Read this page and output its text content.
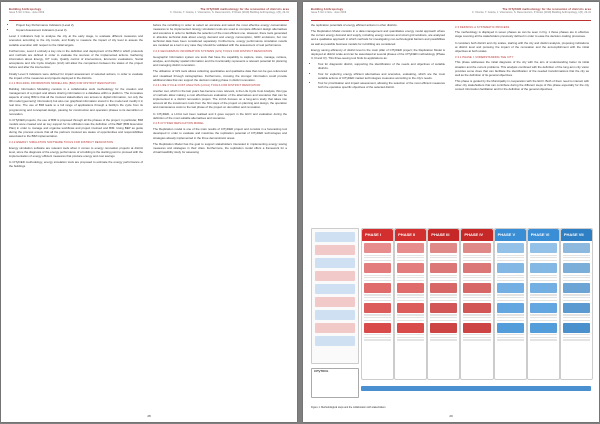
Building Anthropology
Issue 5 Vol 1 Now - June 2019
The CITyFiED methodology for the renovation of districts area
F. Vicente, T. Gracia, J. Vicenteiros, S. Resurrección, P. Rossi (2019) Building Anthropology, 1(5), 23-31
• Project Key Performance Indicators (Level 2),
• Impact Assessment Indicators (Level 3).

Level 1 indicators help to analyse the city at the early stage, to evaluate different measures and scenarios according to the city trends, and finally to measure the impact of city level to assess the suitable execution with respect to the initial targets.

Furthermore, Level 2 embody a key role in the definition and deployment of the BIM in which protocols and methods are defined in order to evaluate the success of the implemented actions. Gathering information about Energy, ICT tools, Quality control of interventions, Economic evaluations, Social acceptance and Life Cycle Analysis (LCA) will allow the comparison between the status of the project before and after the intervention.

Finally Level 3 indicators were defined for impact assessment of selected actions, in order to evaluate the impact of the measures and projects deployed in the districts.

3.2.1 BUILDING INFORMATION MODELLING (BIM) FOR DISTRICT RENOVATION

Building Information Modelling consists in a collaborative work methodology for the creation and management of a project and allows sharing information in a database within a platform. The innovative aspects of using BIM is that all the involved stakeholders can access to digital information, not only the 3D model (geometry) information) but also non graphical information stored in the model and modify it in real time. The use of BIM leads to a full range of applications through a facility's life cycle from its programming and conceptual design, passing for construction and operation phases to its demolition or renovation.

In CITyFiED projects, the use of BIM is proposed through all the phases of the project; in particular, BIM models were created and an key support for its utilization was the definition of the BEP (BIM Execution Plan) in order to manage and organise workflows and project involved and BIM. Using BEP as guide during the process ensure that all the partners involved are aware of opportunities and responsibilities associated to the BIM implementation.

3.2.2 ENERGY SIMULATION SOFTWARE TOOLS FOR DISTRICT RENOVATION

Energy simulation software are relevant tools when it comes to energy renovation projects at district level, since the diagnosis of the energy performance of a building is the starting point to proceed with the implementation of energy efficient measures that produce energy and cost savings.

In CITyFiED methodology, energy simulation tools are proposed to estimate the energy performance of the buildings

before the retrofitting in order to select an accurate and select the most effective energy conservation measures to be implemented. Energy simulation tools are used to compare different design alternatives and scenarios in order to facilitate the selection of the most efficient one. However, there tools generated in absolute technical data about energy demand and energy consumption, GDD emissions, but non technical data have been considered separately. Furthermore, energy performance simulation results are modeled as a tool in any case they should be validated with the assessment of real performance.

3.2.3 GEOGRAPHIC INFORMATION SYSTEMS (GIS) TOOLS FOR DISTRICT RENOVATION

Geographic Information system are tools that have the capability to capture, store, manage, retrieve, analyse, and display spatial information and the functionality represents a relevant potential for planning and managing district renovation.

The utilisation of GIS tools allows collecting quantitative and qualitative data that can be geo-referenced and visualised through cartographies. Furthermore, crossing the stronger information could provide additional data that can support the decision making phase in district renovation.

3.2.4 LIFE CYCLE COST ANALYSIS (LCCA) TOOLS FOR DISTRICT RENOVATION

Another tool, which in the last years has become more relevant, is the Life Cycle Cost Analysis, this type of methods allow making a cost effectiveness evaluation of the alternatives and scenarios that can be implemented in a district renovation project. The LCCA focuses on a long-term study that takes into account all the investment costs from the first steps of the project on planning and design, the operation and maintenance costs to the last phase of the project on demolition and renovation.

In CITyFiED, a LCCA tool been realised and it gave support in the ECO and evaluation during the definition of the most suitable alternatives and scenarios.

3.2.5 CITYFIED REPLICATION MODEL

The Replication model is one of the main results of CITyFiED project and consists in a forecasting tool developed in order to evaluate and maximise the replication potential of CITyFiED technologies and strategies already implemented in the three demonstrator areas.

The Replication Model has the goal to support stakeholders interested in implementing energy saving measures and strategies in their cities. Furthermore, the replication model offers a framework for a virtual feasibility study for assessing

28
Building Anthropology
Issue 5 Vol 1 Now - June 2019
The CITyFiED methodology for the renovation of districts area
F. Vicente, T. Gracia, J. Vicenteiros, S. Resurrección, P. Rossi (2019) Building Anthropology, 1(5), 23-31

the replication potentials of energy efficient actions in other districts.

The Replication Model consists in a data management and quantitative energy model approach where the current energy demand and supply, including energy sources and smart grid solutions, are analysed and a qualitative approach in which methods for investigating non-technological barriers and possibilities as well as possible business models for retrofitting are considered.

Energy saving efficiency of district level is the main pillar of CITyFiED project; the Replication Model is deployed at district scale and can be associated at several phases of the CITyFiED methodology (Phase II, III and IV). This three-seeing tool finds its applications as:

• Tool for diagnostic district, supporting the identification of the needs and objectives of suitable districts.
• Tool for exploring energy efficient alternatives and scenarios, evaluating, which are the most suitable actions of CITyFiED market technologies measures according to the city's needs.
• Tool for prioritisation and impact assessment, allowing the selection of the most efficient measures both the operative specific objectives of the selected district.
3.3 DEFINING A SYSTEMATIC PROCESS

The methodology is displayed in seven phases as can be seen in Fig. 1 those phases are in effective stage covering all the stakeholders previously defined in order to ease the decision-making processes.

It considers both district and city scales, starting with the city and district analysis, proposing indications at district level and pursuing the impact of the renovation and the accomplishment with the initial objectives at both scales.

3.3.1 PHASE I: UNDERSTANDING THE CITY

This phase addresses the initial diagnosis of the city with the aim of understanding better its initial situation and the current problems. This analysis combined with the definition of the long-term city vision provides some clues that can facilitate the identification of the needed transformations that the city as well as the definition of its general objectives.

This phase is guided by the Municipality in cooperation with the ECO. Both of them need to interact with other city stakeholders that can contribute during the different steps of this phase especially for the city context information facilitation and for the definition of the general objectives.

PHASE I	PHASE II	PHASE III	PHASE IV	PHASE V	PHASE VI	PHASE VII
CITyTOOL
Figure 1. Methodological steps and the collaboration with stakeholders
29
